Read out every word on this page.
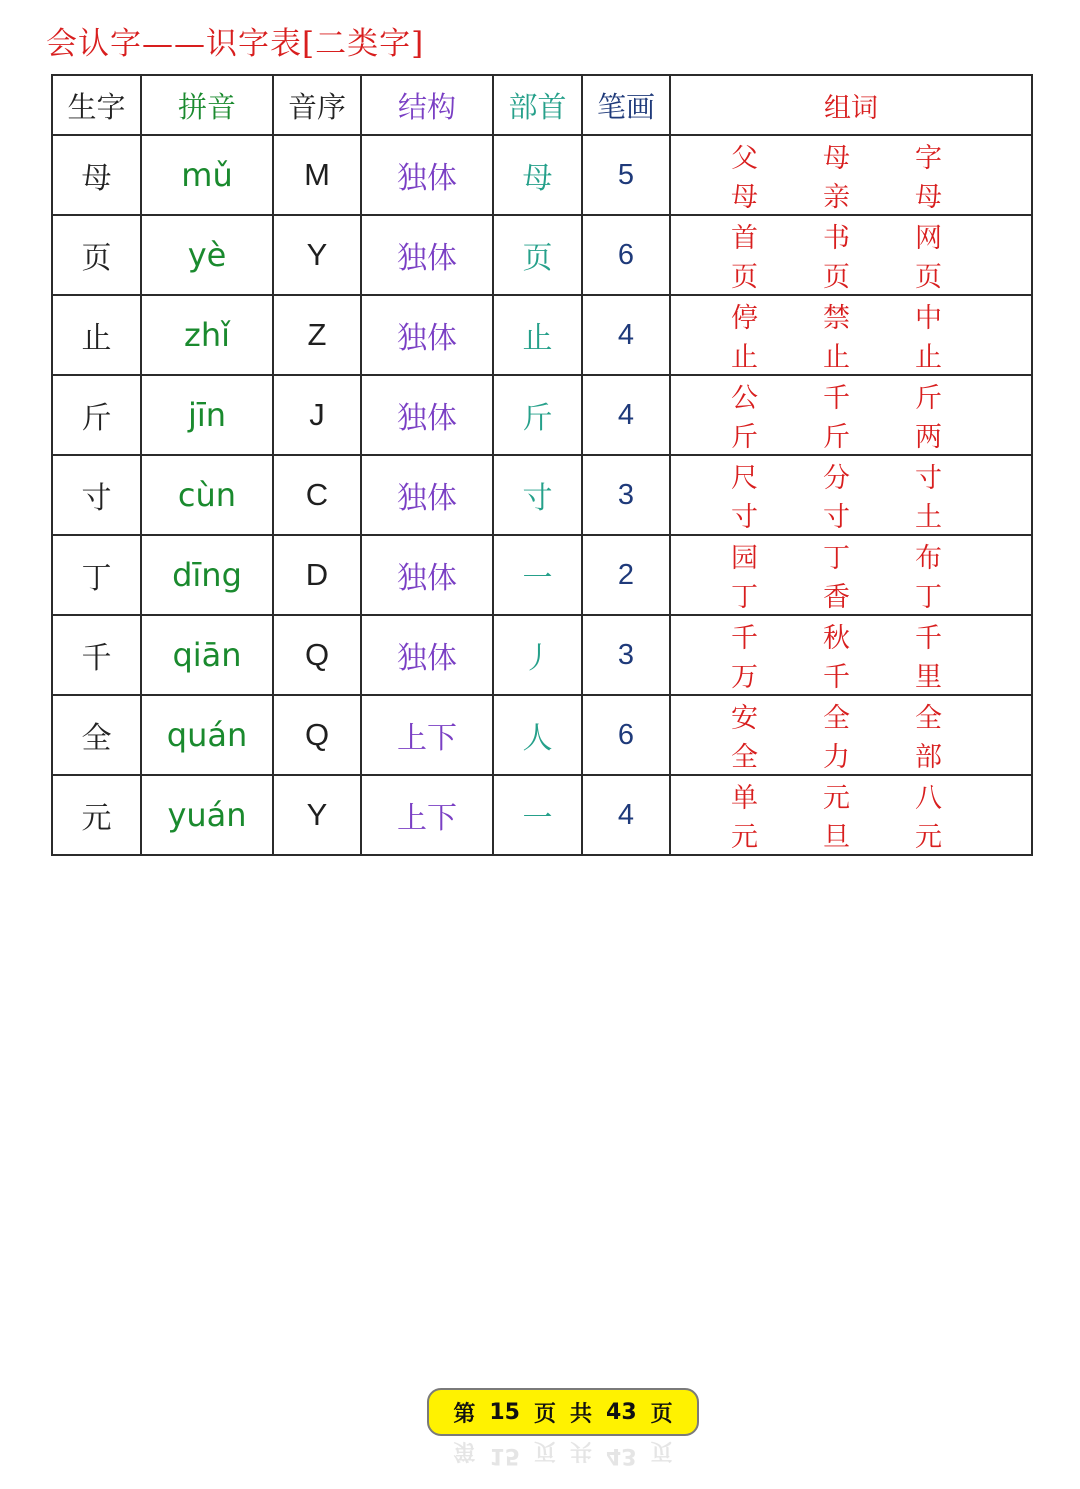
会认字——识字表[二类字]
生字	拼音	音序	结构	部首	笔画	组词
母	mǔ	M	独体	母	5	父母
母亲
字母

页	yè	Y	独体	页	6	首页
书页
网页

止	zhǐ	Z	独体	止	4	停止
禁止
中止

斤	jīn	J	独体	斤	4	公斤
千斤
斤两

寸	cùn	C	独体	寸	3	尺寸
分寸
寸土

丁	dīng	D	独体	一	2	园丁
丁香
布丁

千	qiān	Q	独体	丿	3	千万
秋千
千里

全	quán	Q	上下	人	6	安全
全力
全部

元	yuán	Y	上下	一	4	单元
元旦
八元
第 15 页 共 43 页
第 15 页 共 43 页
